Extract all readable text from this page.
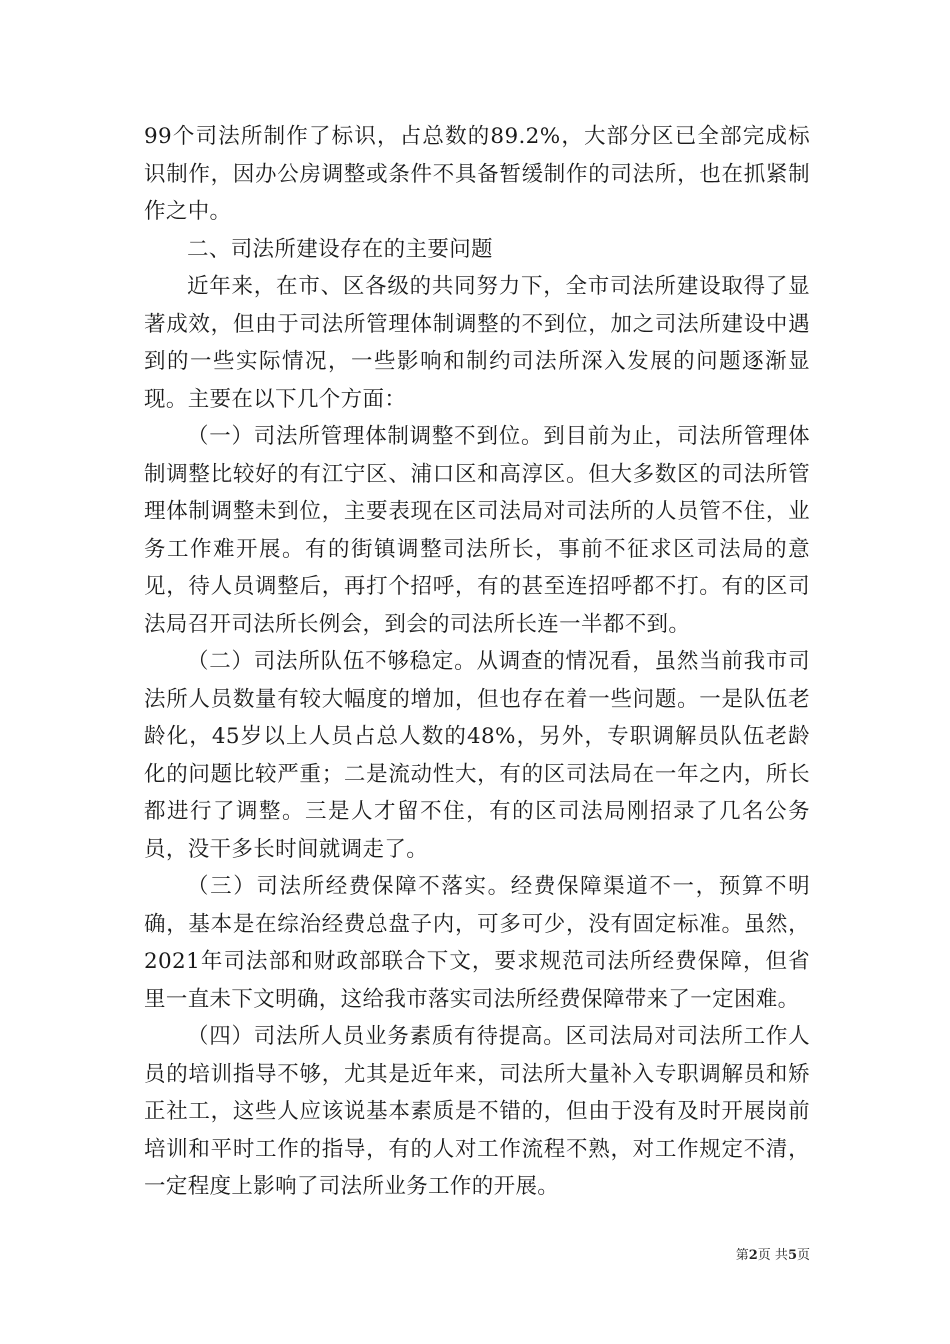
99个司法所制作了标识，占总数的89.2%，大部分区已全部完成标识制作，因办公房调整或条件不具备暂缓制作的司法所，也在抓紧制作之中。

二、司法所建设存在的主要问题

近年来，在市、区各级的共同努力下，全市司法所建设取得了显著成效，但由于司法所管理体制调整的不到位，加之司法所建设中遇到的一些实际情况，一些影响和制约司法所深入发展的问题逐渐显现。主要在以下几个方面：

（一）司法所管理体制调整不到位。到目前为止，司法所管理体制调整比较好的有江宁区、浦口区和高淳区。但大多数区的司法所管理体制调整未到位，主要表现在区司法局对司法所的人员管不住，业务工作难开展。有的街镇调整司法所长，事前不征求区司法局的意见，待人员调整后，再打个招呼，有的甚至连招呼都不打。有的区司法局召开司法所长例会，到会的司法所长连一半都不到。

（二）司法所队伍不够稳定。从调查的情况看，虽然当前我市司法所人员数量有较大幅度的增加，但也存在着一些问题。一是队伍老龄化，45岁以上人员占总人数的48%，另外，专职调解员队伍老龄化的问题比较严重；二是流动性大，有的区司法局在一年之内，所长都进行了调整。三是人才留不住，有的区司法局刚招录了几名公务员，没干多长时间就调走了。

（三）司法所经费保障不落实。经费保障渠道不一，预算不明确，基本是在综治经费总盘子内，可多可少，没有固定标准。虽然，2021年司法部和财政部联合下文，要求规范司法所经费保障，但省里一直未下文明确，这给我市落实司法所经费保障带来了一定困难。

（四）司法所人员业务素质有待提高。区司法局对司法所工作人员的培训指导不够，尤其是近年来，司法所大量补入专职调解员和矫正社工，这些人应该说基本素质是不错的，但由于没有及时开展岗前培训和平时工作的指导，有的人对工作流程不熟，对工作规定不清，一定程度上影响了司法所业务工作的开展。

第2页 共5页
